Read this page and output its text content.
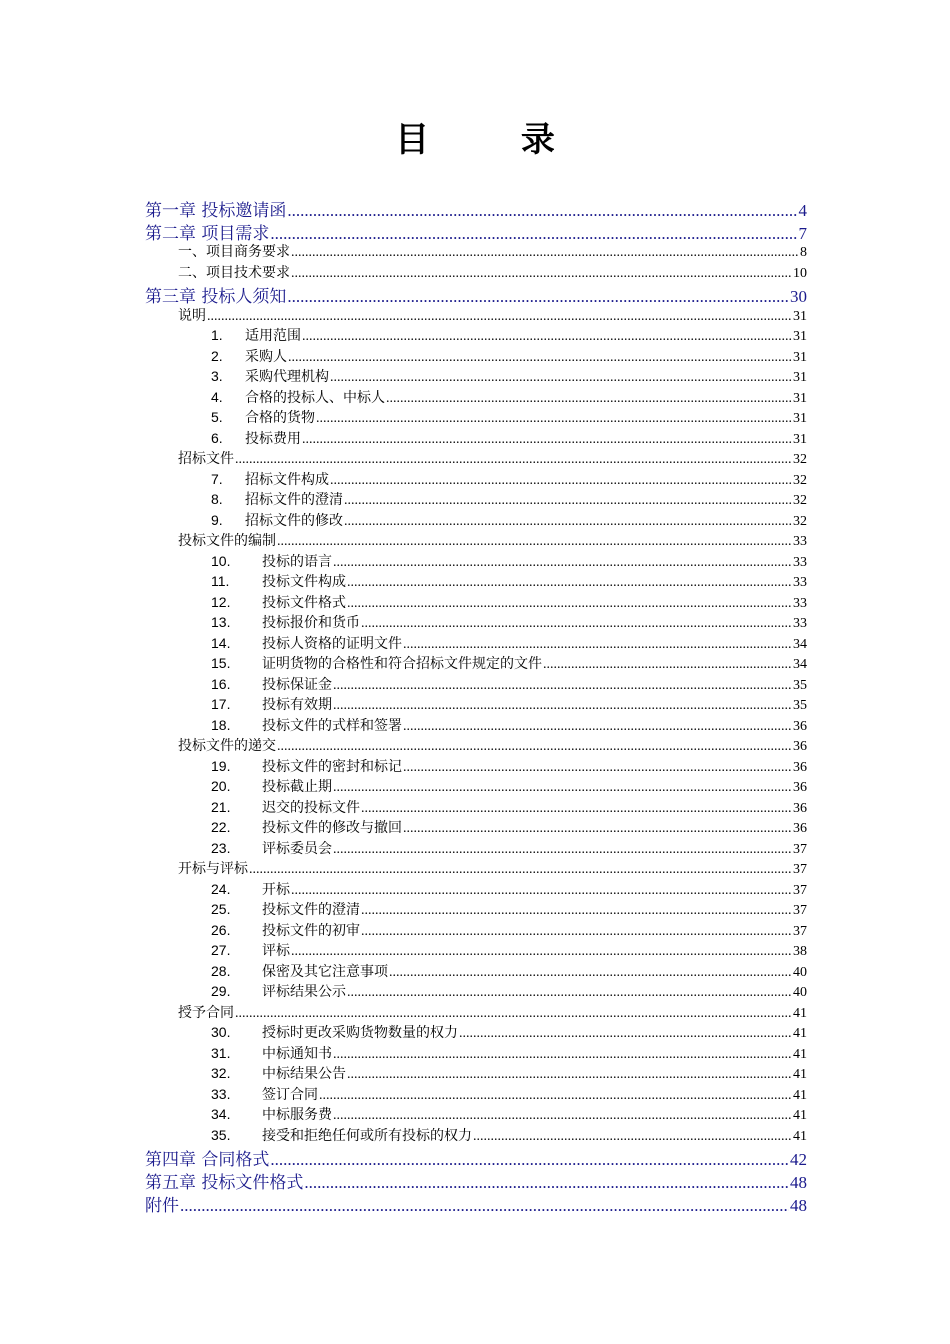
目 录
第一章 投标邀请函 .....	4
第二章 项目需求 .....	7
一、项目商务要求 .....	8
二、项目技术要求 .....	10
第三章 投标人须知 .....	30
说明 .....	31
1. 适用范围 .....	31
2. 采购人 .....	31
3. 采购代理机构 .....	31
4. 合格的投标人、中标人 .....	31
5. 合格的货物 .....	31
6. 投标费用 .....	31
招标文件 .....	32
7. 招标文件构成 .....	32
8. 招标文件的澄清 .....	32
9. 招标文件的修改 .....	32
投标文件的编制 .....	33
10. 投标的语言 .....	33
11. 投标文件构成 .....	33
12. 投标文件格式 .....	33
13. 投标报价和货币 .....	33
14. 投标人资格的证明文件 .....	34
15. 证明货物的合格性和符合招标文件规定的文件 .....	34
16. 投标保证金 .....	35
17. 投标有效期 .....	35
18. 投标文件的式样和签署 .....	36
投标文件的递交 .....	36
19. 投标文件的密封和标记 .....	36
20. 投标截止期 .....	36
21. 迟交的投标文件 .....	36
22. 投标文件的修改与撤回 .....	36
23. 评标委员会 .....	37
开标与评标 .....	37
24. 开标 .....	37
25. 投标文件的澄清 .....	37
26. 投标文件的初审 .....	37
27. 评标 .....	38
28. 保密及其它注意事项 .....	40
29. 评标结果公示 .....	40
授予合同 .....	41
30. 授标时更改采购货物数量的权力 .....	41
31. 中标通知书 .....	41
32. 中标结果公告 .....	41
33. 签订合同 .....	41
34. 中标服务费 .....	41
35. 接受和拒绝任何或所有投标的权力 .....	41
第四章 合同格式 .....	42
第五章 投标文件格式 .....	48
附件 .....	48
